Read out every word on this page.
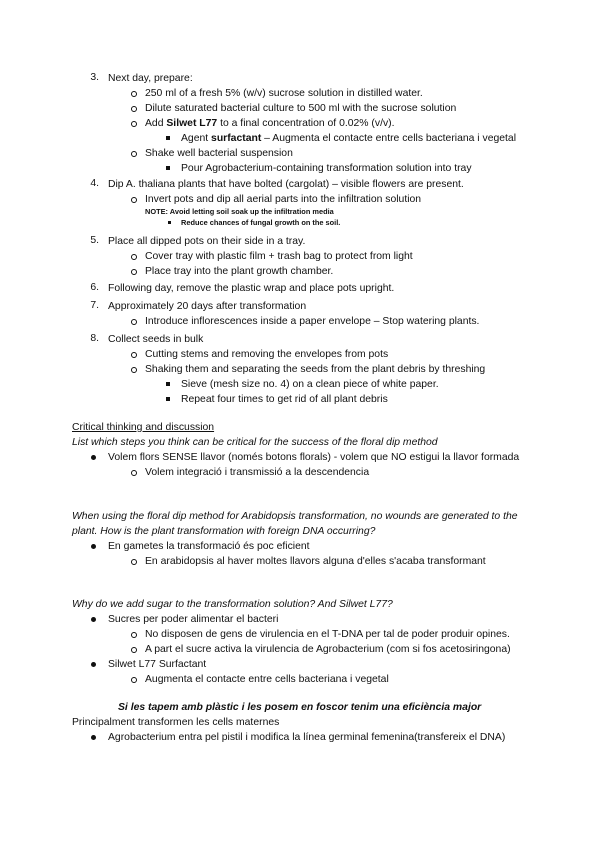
3. Next day, prepare:
250 ml of a fresh 5% (w/v) sucrose solution in distilled water.
Dilute saturated bacterial culture to 500 ml with the sucrose solution
Add Silwet L77 to a final concentration of 0.02% (v/v).
Agent surfactant – Augmenta el contacte entre cells bacteriana i vegetal
Shake well bacterial suspension
Pour Agrobacterium-containing transformation solution into tray
4. Dip A. thaliana plants that have bolted (cargolat) – visible flowers are present.
Invert pots and dip all aerial parts into the infiltration solution
NOTE: Avoid letting soil soak up the infiltration media
Reduce chances of fungal growth on the soil.
5. Place all dipped pots on their side in a tray.
Cover tray with plastic film + trash bag to protect from light
Place tray into the plant growth chamber.
6. Following day, remove the plastic wrap and place pots upright.
7. Approximately 20 days after transformation
Introduce inflorescences inside a paper envelope – Stop watering plants.
8. Collect seeds in bulk
Cutting stems and removing the envelopes from pots
Shaking them and separating the seeds from the plant debris by threshing
Sieve (mesh size no. 4) on a clean piece of white paper.
Repeat four times to get rid of all plant debris
Critical thinking and discussion
List which steps you think can be critical for the success of the floral dip method
Volem flors SENSE llavor (només botons florals) - volem que NO estigui la llavor formada
Volem integració i transmissió a la descendencia
When using the floral dip method for Arabidopsis transformation, no wounds are generated to the
plant. How is the plant transformation with foreign DNA occurring?
En gametes la transformació és poc eficient
En arabidopsis al haver moltes llavors alguna d'elles s'acaba transformant
Why do we add sugar to the transformation solution? And Silwet L77?
Sucres per poder alimentar el bacteri
No disposen de gens de virulencia en el T-DNA per tal de poder produir opines.
A part el sucre activa la virulencia de Agrobacterium (com si fos acetosiringona)
Silwet L77 Surfactant
Augmenta el contacte entre cells bacteriana i vegetal
Si les tapem amb plàstic i les posem en foscor tenim una eficiència major
Principalment transformen les cells maternes
Agrobacterium entra pel pistil i modifica la línea germinal femenina(transfereix el DNA)
